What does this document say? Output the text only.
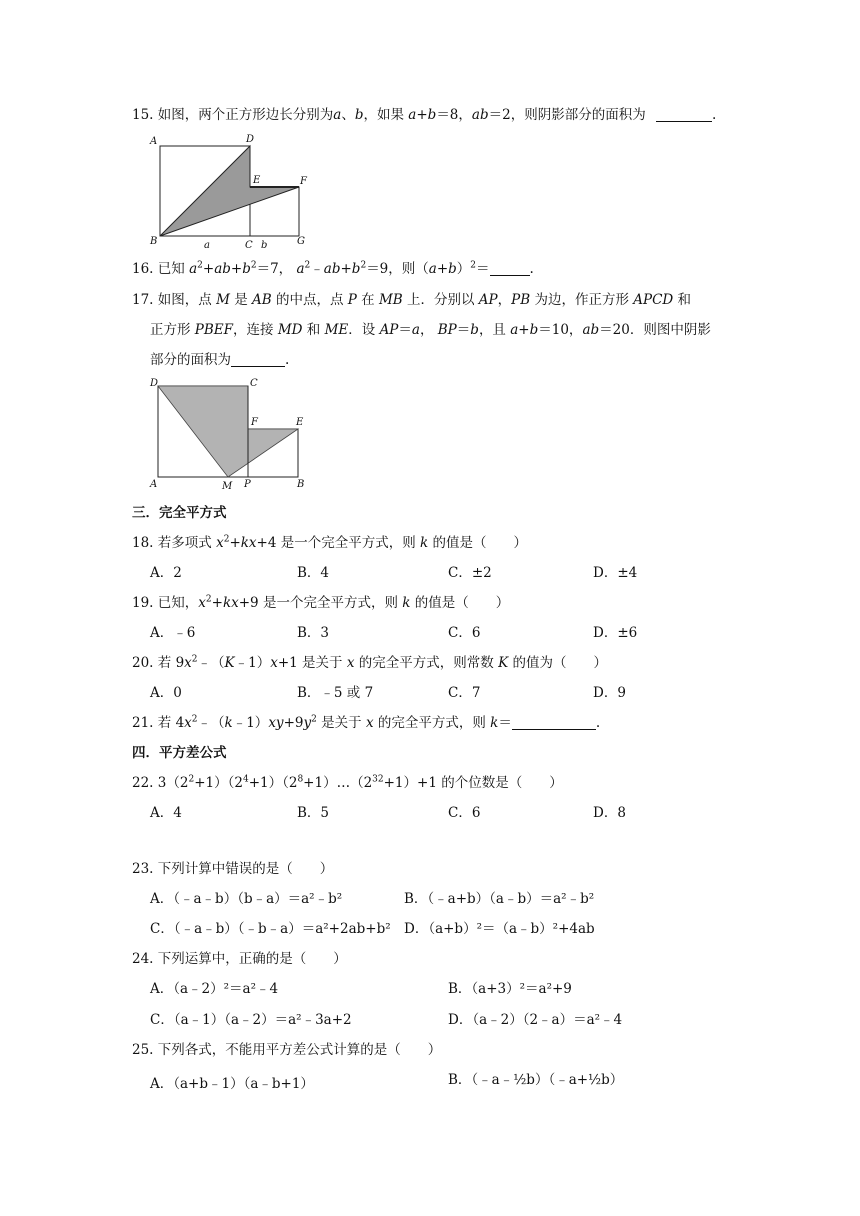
15. 如图，两个正方形边长分别为a、b，如果 a+b＝8，ab＝2，则阴影部分的面积为	.
A	D
E	F
B	a	C b	G
16. 已知 $a^2+ab+b^2=7$， $a^2﹣ab+b^2=9$，则$(a+b)^2=$	.
17. 如图，点 M 是 AB 的中点，点 P 在 MB 上．分别以 AP，PB 为边，作正方形 APCD 和
正方形 PBEF，连接 MD 和 ME．设 AP＝a， BP＝b，且 a+b＝10，ab＝20．则图中阴影
部分的面积为	.
D	C
F	E
A	M P	B
三．完全平方式
18. 若多项式 $x^2+kx+4$ 是一个完全平方式，则 k 的值是（　　）
A．2	B．4	C．±2	D．±4
19. 已知，$x^2+kx+9$ 是一个完全平方式，则 k 的值是（　　）
A．﹣6	B．3	C．6	D．±6
20. 若 $9x^2﹣(K﹣1)x+1$ 是关于 x 的完全平方式，则常数 K 的值为（　　）
A．0	B．﹣5 或 7	C．7	D．9
21. 若 $4x^2﹣(k﹣1)xy+9y^2$ 是关于 x 的完全平方式，则 k＝	.
四．平方差公式
22. $3(2^2+1)(2^4+1)(2^8+1)\dots(2^{32}+1)+1$ 的个位数是（　　）
A．4	B．5	C．6	D．8
23. 下列计算中错误的是（　　）
A．（﹣a﹣b）（b﹣a）＝a²﹣b²	B．（﹣a+b）（a﹣b）＝a²﹣b²
C．（﹣a﹣b）（﹣b﹣a）＝a²+2ab+b² D．（a+b）²＝（a﹣b）²+4ab
24. 下列运算中，正确的是（　　）
A．（a﹣2）²＝a²﹣4	B．（a+3）²＝a²+9
C．（a﹣1）（a﹣2）＝a²﹣3a+2	D．（a﹣2）（2﹣a）＝a²﹣4
25. 下列各式，不能用平方差公式计算的是（　　）
A．（a+b﹣1）（a﹣b+1）	B．（﹣a﹣½b）（﹣a+½b）
